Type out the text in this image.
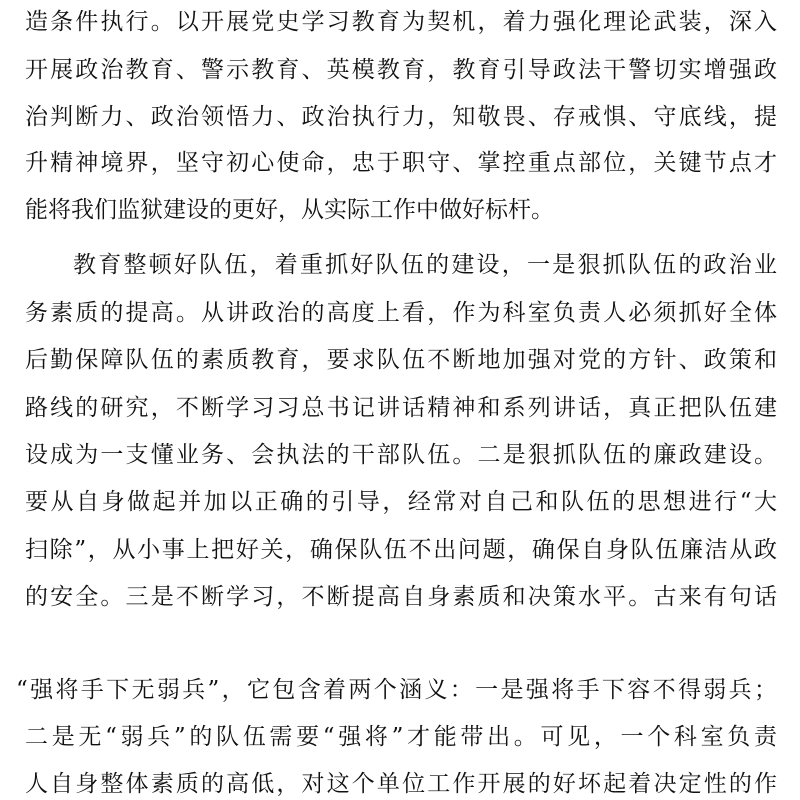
造条件执行。以开展党史学习教育为契机，着力强化理论武装，深入
开展政治教育、警示教育、英模教育，教育引导政法干警切实增强政
治判断力、政治领悟力、政治执行力，知敬畏、存戒惧、守底线，提
升精神境界，坚守初心使命，忠于职守、掌控重点部位，关键节点才
能将我们监狱建设的更好，从实际工作中做好标杆。
教育整顿好队伍，着重抓好队伍的建设，一是狠抓队伍的政治业
务素质的提高。从讲政治的高度上看，作为科室负责人必须抓好全体
后勤保障队伍的素质教育，要求队伍不断地加强对党的方针、政策和
路线的研究，不断学习习总书记讲话精神和系列讲话，真正把队伍建
设成为一支懂业务、会执法的干部队伍。二是狠抓队伍的廉政建设。
要从自身做起并加以正确的引导，经常对自己和队伍的思想进行“大
扫除”，从小事上把好关，确保队伍不出问题，确保自身队伍廉洁从政
的安全。三是不断学习，不断提高自身素质和决策水平。古来有句话
“强将手下无弱兵”，它包含着两个涵义：一是强将手下容不得弱兵；
二是无“弱兵”的队伍需要“强将”才能带出。可见，一个科室负责
人自身整体素质的高低，对这个单位工作开展的好坏起着决定性的作
